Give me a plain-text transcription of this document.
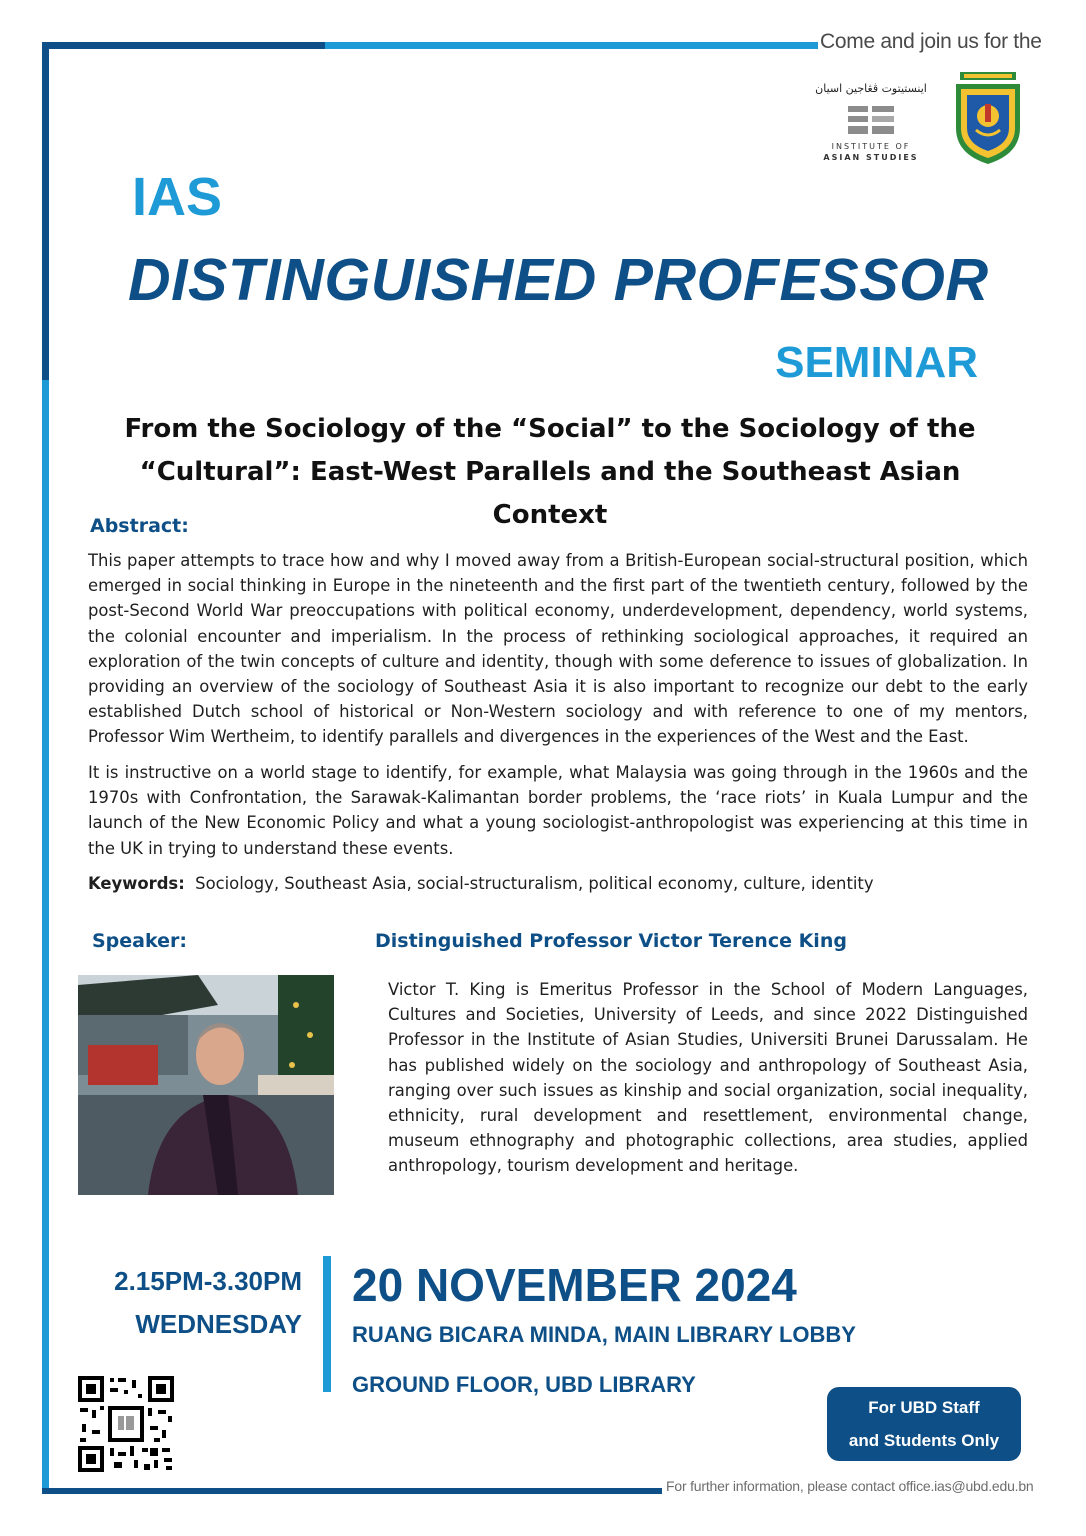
Come and join us for the
اينستيتوت ڤڠاجين اسيان
INSTITUTE OF
ASIAN STUDIES
IAS
DISTINGUISHED PROFESSOR
SEMINAR
From the Sociology of the “Social” to the Sociology of the
“Cultural”: East-West Parallels and the Southeast Asian Context
Abstract:
This paper attempts to trace how and why I moved away from a British-European social-structural position, which emerged in social thinking in Europe in the nineteenth and the first part of the twentieth century, followed by the post-Second World War preoccupations with political economy, underdevelopment, dependency, world systems, the colonial encounter and imperialism. In the process of rethinking sociological approaches, it required an exploration of the twin concepts of culture and identity, though with some deference to issues of globalization. In providing an overview of the sociology of Southeast Asia it is also important to recognize our debt to the early established Dutch school of historical or Non-Western sociology and with reference to one of my mentors, Professor Wim Wertheim, to identify parallels and divergences in the experiences of the West and the East.
It is instructive on a world stage to identify, for example, what Malaysia was going through in the 1960s and the 1970s with Confrontation, the Sarawak-Kalimantan border problems, the ‘race riots’ in Kuala Lumpur and the launch of the New Economic Policy and what a young sociologist-anthropologist was experiencing at this time in the UK in trying to understand these events.
Keywords: Sociology, Southeast Asia, social-structuralism, political economy, culture, identity
Speaker:	Distinguished Professor Victor Terence King
Victor T. King is Emeritus Professor in the School of Modern Languages, Cultures and Societies, University of Leeds, and since 2022 Distinguished Professor in the Institute of Asian Studies, Universiti Brunei Darussalam. He has published widely on the sociology and anthropology of Southeast Asia, ranging over such issues as kinship and social organization, social inequality, ethnicity, rural development and resettlement, environmental change, museum ethnography and photographic collections, area studies, applied anthropology, tourism development and heritage.
2.15PM-3.30PM
WEDNESDAY
20 NOVEMBER 2024
RUANG BICARA MINDA, MAIN LIBRARY LOBBY
GROUND FLOOR, UBD LIBRARY
For UBD Staff
and Students Only
For further information, please contact office.ias@ubd.edu.bn
